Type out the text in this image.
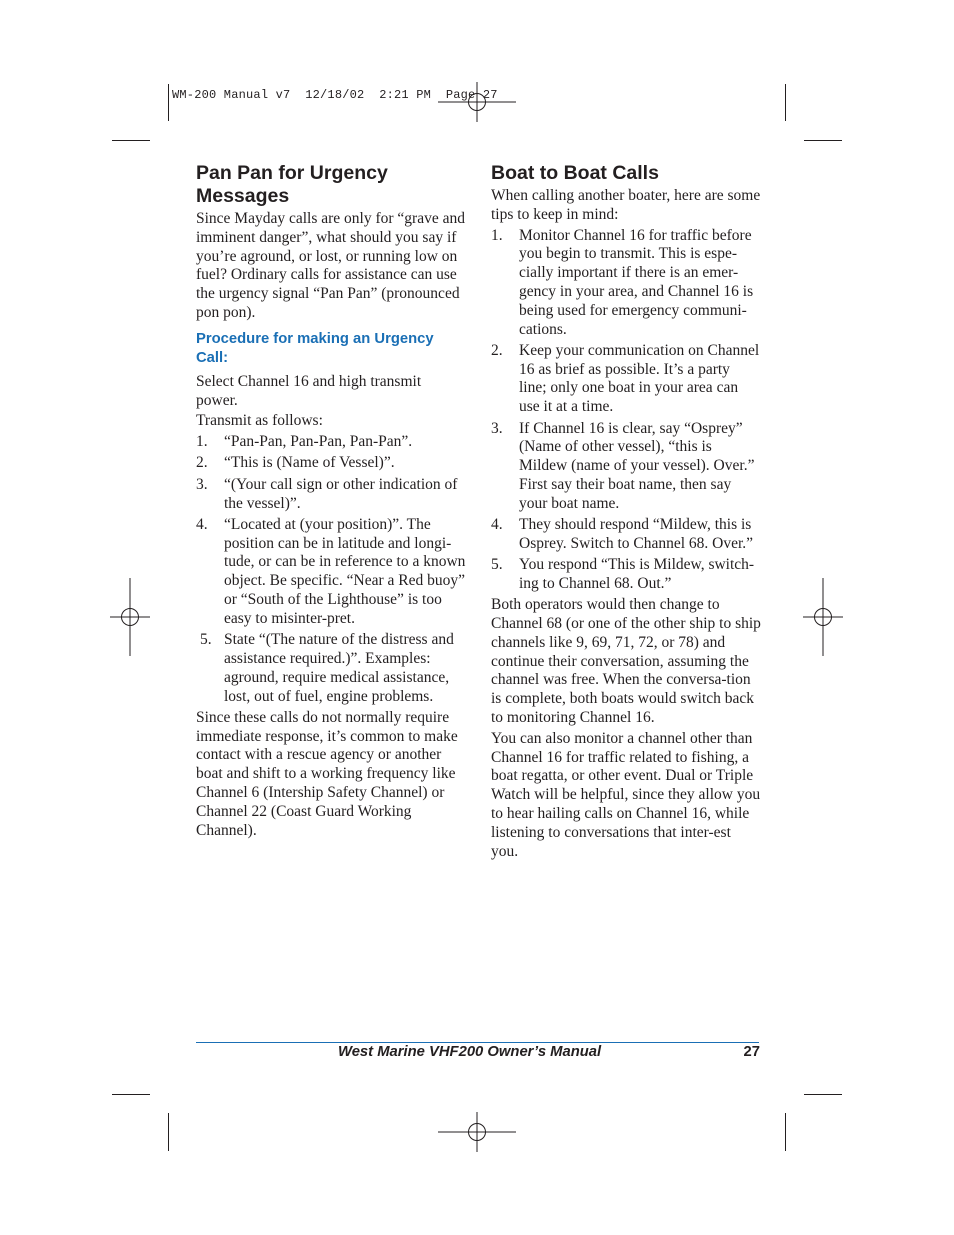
WM-200 Manual v7  12/18/02  2:21 PM  Page 27
Pan Pan for Urgency Messages

Since Mayday calls are only for “grave and imminent danger”, what should you say if you’re aground, or lost, or running low on fuel? Ordinary calls for assistance can use the urgency signal “Pan Pan” (pronounced pon pon).

Procedure for making an Urgency Call:

Select Channel 16 and high transmit power.

Transmit as follows:

1. “Pan-Pan, Pan-Pan, Pan-Pan”.
2. “This is (Name of Vessel)”.
3. “(Your call sign or other indication of the vessel)”.
4. “Located at (your position)”. The position can be in latitude and longi-tude, or can be in reference to a known object. Be specific. “Near a Red buoy” or “South of the Lighthouse” is too easy to misinter-pret.
5. State “(The nature of the distress and assistance required.)”. Examples: aground, require medical assistance, lost, out of fuel, engine problems.

Since these calls do not normally require immediate response, it’s common to make contact with a rescue agency or another boat and shift to a working frequency like Channel 6 (Intership Safety Channel) or Channel 22 (Coast Guard Working Channel).

Boat to Boat Calls

When calling another boater, here are some tips to keep in mind:

1. Monitor Channel 16 for traffic before you begin to transmit. This is espe-cially important if there is an emer-gency in your area, and Channel 16 is being used for emergency communi-cations.
2. Keep your communication on Channel 16 as brief as possible. It’s a party line; only one boat in your area can use it at a time.
3. If Channel 16 is clear, say “Osprey” (Name of other vessel), “this is Mildew (name of your vessel). Over.” First say their boat name, then say your boat name.
4. They should respond “Mildew, this is Osprey. Switch to Channel 68. Over.”
5. You respond “This is Mildew, switch-ing to Channel 68. Out.”

Both operators would then change to Channel 68 (or one of the other ship to ship channels like 9, 69, 71, 72, or 78) and continue their conversation, assuming the channel was free. When the conversa-tion is complete, both boats would switch back to monitoring Channel 16.

You can also monitor a channel other than Channel 16 for traffic related to fishing, a boat regatta, or other event. Dual or Triple Watch will be helpful, since they allow you to hear hailing calls on Channel 16, while listening to conversations that inter-est you.

West Marine VHF200 Owner’s Manual	27
